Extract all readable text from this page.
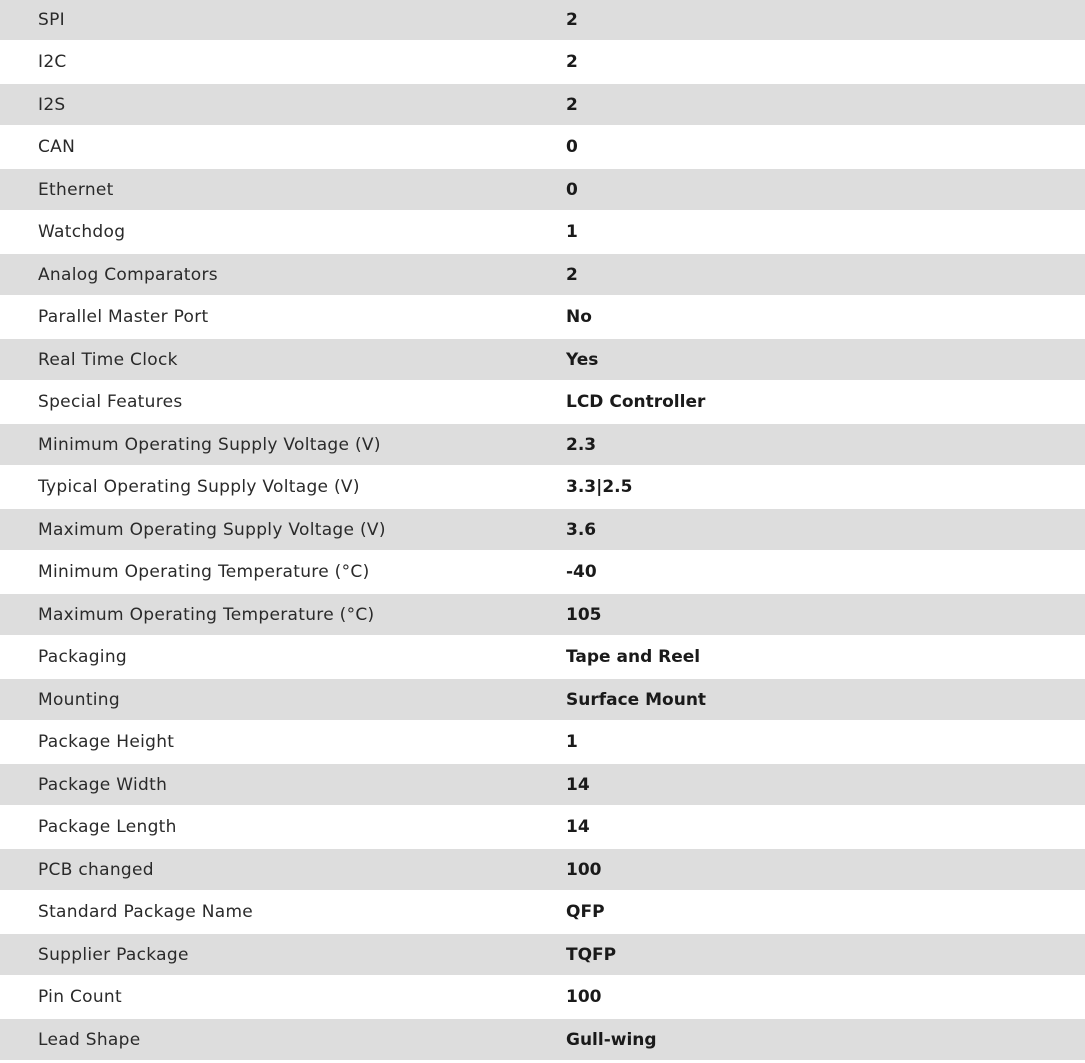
SPI	2
I2C	2
I2S	2
CAN	0
Ethernet	0
Watchdog	1
Analog Comparators	2
Parallel Master Port	No
Real Time Clock	Yes
Special Features	LCD Controller
Minimum Operating Supply Voltage (V)	2.3
Typical Operating Supply Voltage (V)	3.3|2.5
Maximum Operating Supply Voltage (V)	3.6
Minimum Operating Temperature (°C)	-40
Maximum Operating Temperature (°C)	105
Packaging	Tape and Reel
Mounting	Surface Mount
Package Height	1
Package Width	14
Package Length	14
PCB changed	100
Standard Package Name	QFP
Supplier Package	TQFP
Pin Count	100
Lead Shape	Gull-wing
